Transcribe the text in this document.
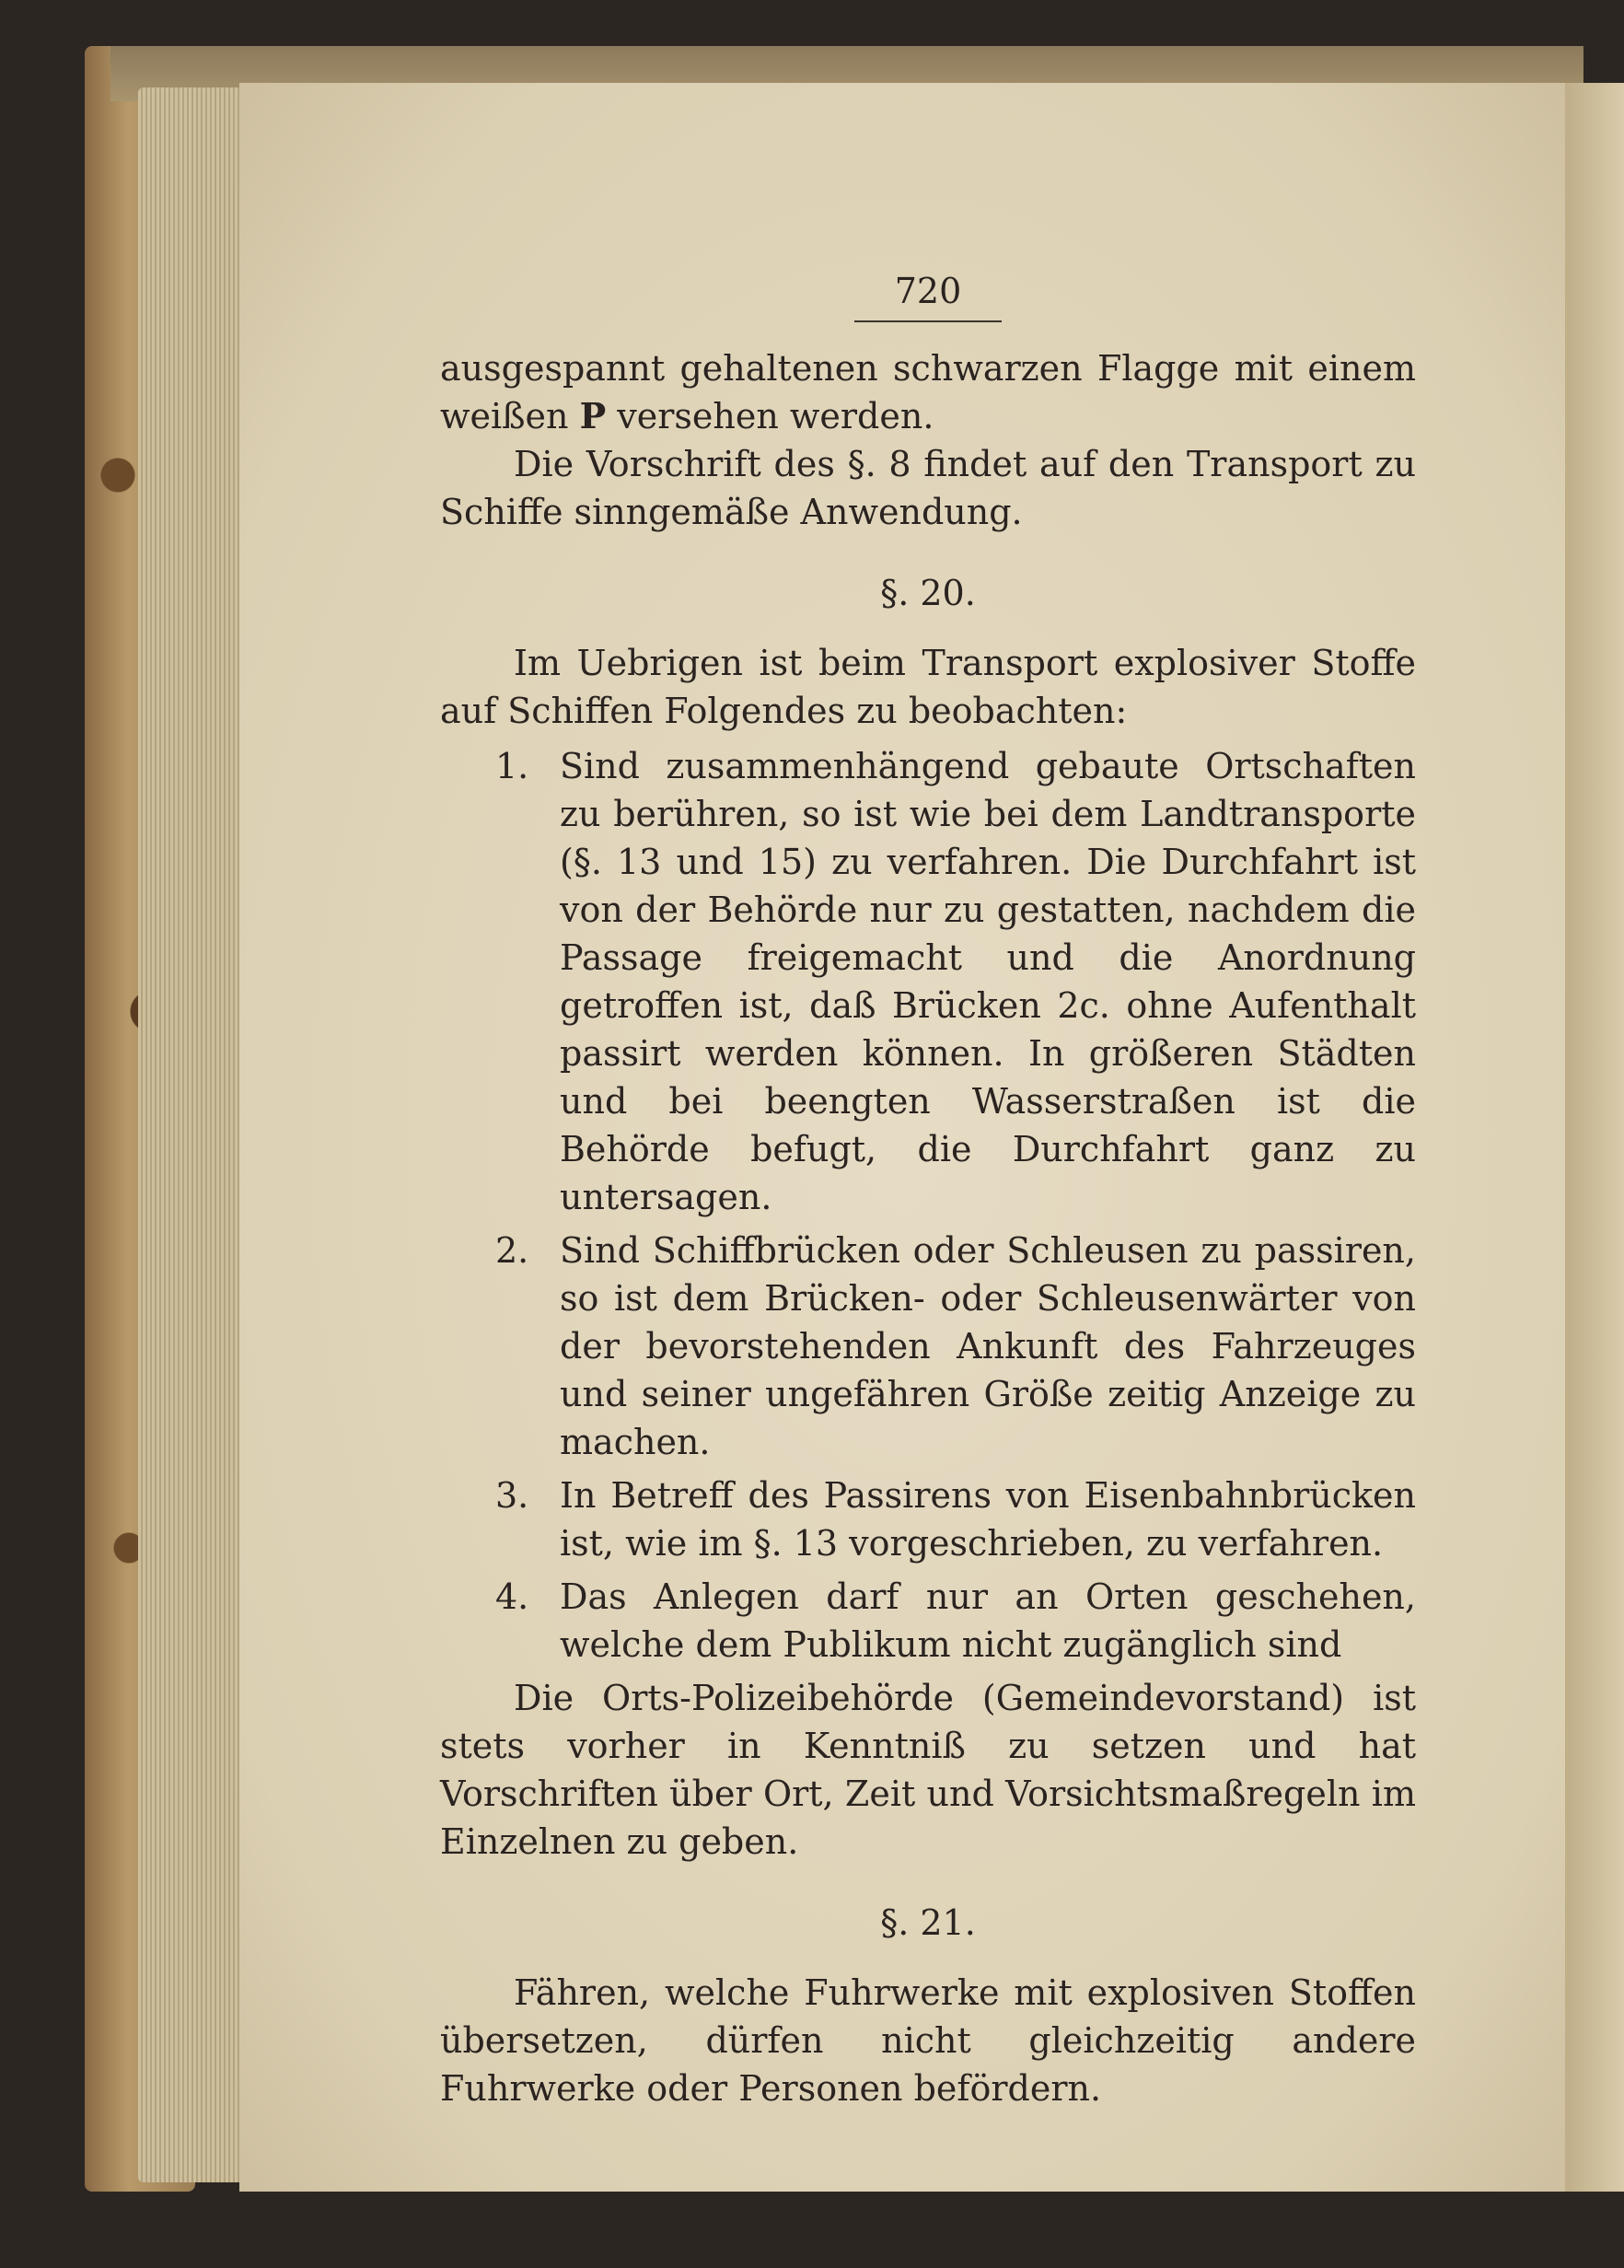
720

ausgespannt gehaltenen schwarzen Flagge mit einem weißen P versehen werden.

Die Vorschrift des §. 8 findet auf den Transport zu Schiffe sinngemäße Anwendung.

§. 20.

Im Uebrigen ist beim Transport explosiver Stoffe auf Schiffen Folgendes zu beobachten:

1. Sind zusammenhängend gebaute Ortschaften zu berühren, so ist wie bei dem Landtransporte (§. 13 und 15) zu verfahren. Die Durchfahrt ist von der Behörde nur zu gestatten, nachdem die Passage freigemacht und die Anordnung getroffen ist, daß Brücken 2c. ohne Aufenthalt passirt werden können. In größeren Städten und bei beengten Wasserstraßen ist die Behörde befugt, die Durchfahrt ganz zu untersagen.
2. Sind Schiffbrücken oder Schleusen zu passiren, so ist dem Brücken- oder Schleusenwärter von der bevorstehenden Ankunft des Fahrzeuges und seiner ungefähren Größe zeitig Anzeige zu machen.
3. In Betreff des Passirens von Eisenbahnbrücken ist, wie im §. 13 vorgeschrieben, zu verfahren.
4. Das Anlegen darf nur an Orten geschehen, welche dem Publikum nicht zugänglich sind

Die Orts-Polizeibehörde (Gemeindevorstand) ist stets vorher in Kenntniß zu setzen und hat Vorschriften über Ort, Zeit und Vorsichtsmaßregeln im Einzelnen zu geben.

§. 21.

Fähren, welche Fuhrwerke mit explosiven Stoffen übersetzen, dürfen nicht gleichzeitig andere Fuhrwerke oder Personen befördern.
